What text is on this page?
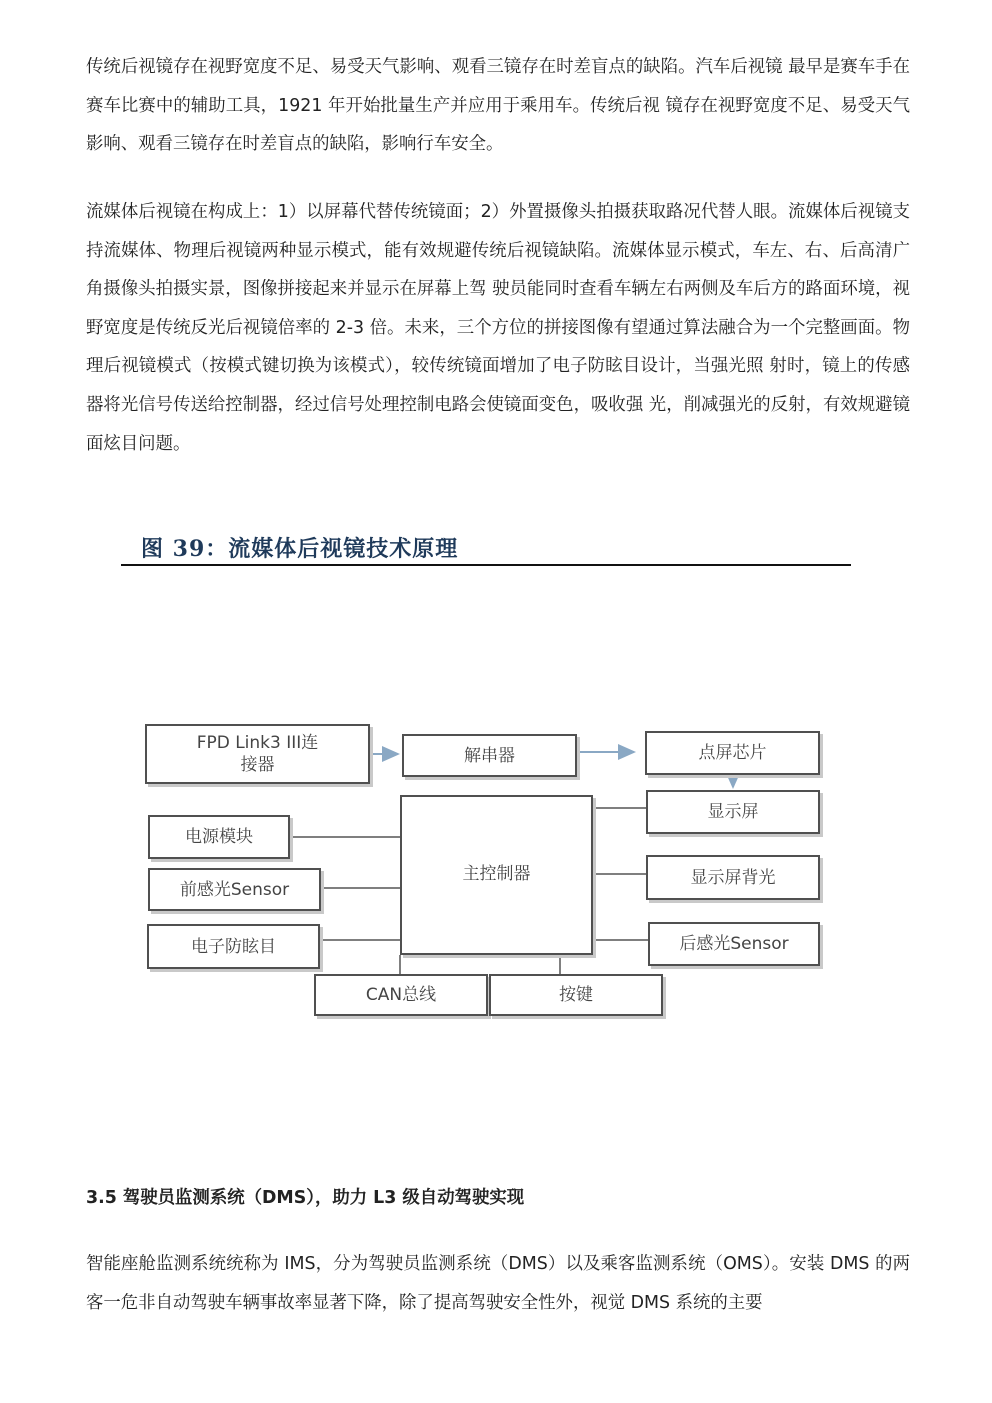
传统后视镜存在视野宽度不足、易受天气影响、观看三镜存在时差盲点的缺陷。汽车后视镜 最早是赛车手在赛车比赛中的辅助工具，1921 年开始批量生产并应用于乘用车。传统后视 镜存在视野宽度不足、易受天气影响、观看三镜存在时差盲点的缺陷，影响行车安全。

流媒体后视镜在构成上：1）以屏幕代替传统镜面；2）外置摄像头拍摄获取路况代替人眼。流媒体后视镜支持流媒体、物理后视镜两种显示模式，能有效规避传统后视镜缺陷。流媒体显示模式，车左、右、后高清广角摄像头拍摄实景，图像拼接起来并显示在屏幕上驾 驶员能同时查看车辆左右两侧及车后方的路面环境，视野宽度是传统反光后视镜倍率的 2-3 倍。未来，三个方位的拼接图像有望通过算法融合为一个完整画面。物理后视镜模式（按模式键切换为该模式），较传统镜面增加了电子防眩目设计，当强光照 射时，镜上的传感器将光信号传送给控制器，经过信号处理控制电路会使镜面变色，吸收强 光，削减强光的反射，有效规避镜面炫目问题。

图 39：流媒体后视镜技术原理
FPD Link3 III连
接器	解串器	点屏芯片
显示屏
主控制器
电源模块
前感光Sensor
显示屏背光
电子防眩目	后感光Sensor
CAN总线	按键
3.5 驾驶员监测系统（DMS），助力 L3 级自动驾驶实现

智能座舱监测系统统称为 IMS，分为驾驶员监测系统（DMS）以及乘客监测系统（OMS）。安装 DMS 的两客一危非自动驾驶车辆事故率显著下降，除了提高驾驶安全性外，视觉 DMS 系统的主要
